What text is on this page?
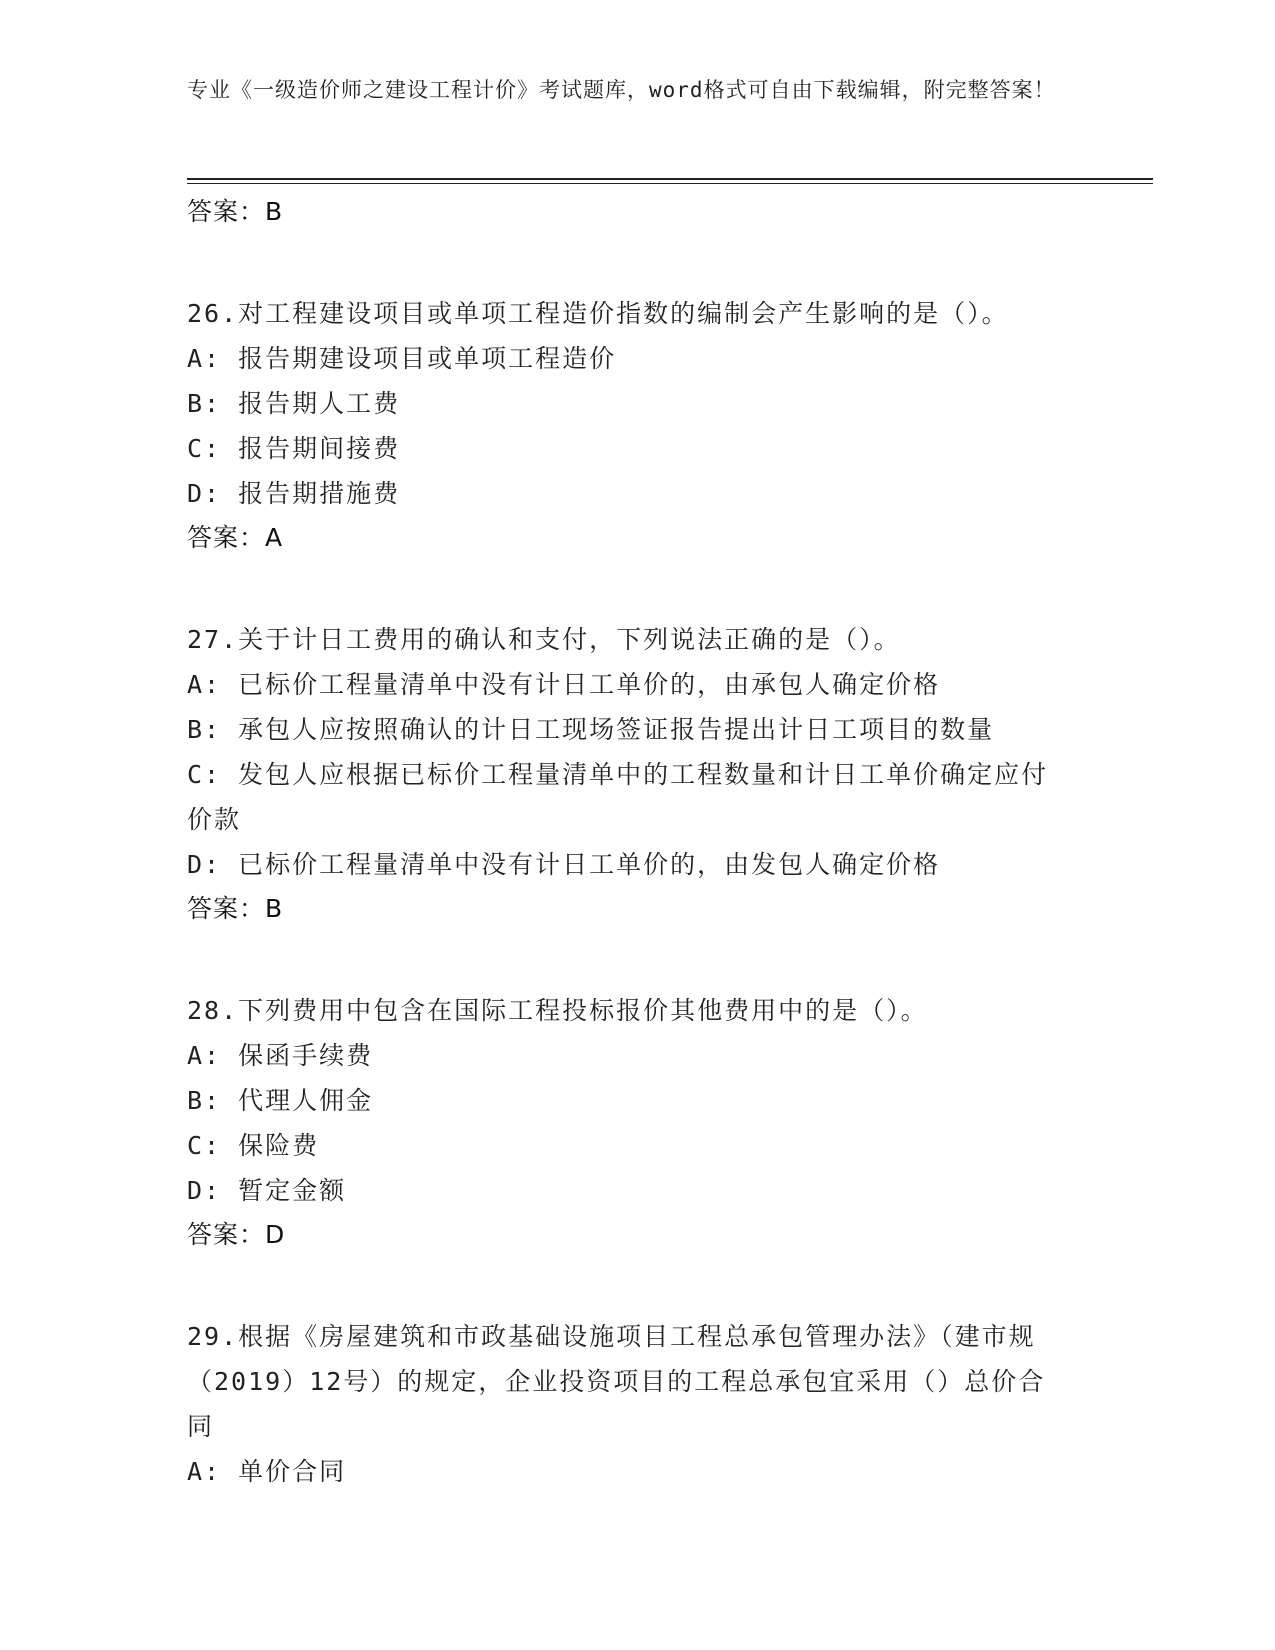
专业《一级造价师之建设工程计价》考试题库，word格式可自由下载编辑，附完整答案！
答案：B
26.对工程建设项目或单项工程造价指数的编制会产生影响的是（）。
A: 报告期建设项目或单项工程造价
B: 报告期人工费
C: 报告期间接费
D: 报告期措施费
答案：A
27.关于计日工费用的确认和支付，下列说法正确的是（）。
A: 已标价工程量清单中没有计日工单价的，由承包人确定价格
B: 承包人应按照确认的计日工现场签证报告提出计日工项目的数量
C: 发包人应根据已标价工程量清单中的工程数量和计日工单价确定应付价款
D: 已标价工程量清单中没有计日工单价的，由发包人确定价格
答案：B
28.下列费用中包含在国际工程投标报价其他费用中的是（）。
A: 保函手续费
B: 代理人佣金
C: 保险费
D: 暂定金额
答案：D
29.根据《房屋建筑和市政基础设施项目工程总承包管理办法》（建市规（2019）12号）的规定，企业投资项目的工程总承包宜采用（）总价合同
A: 单价合同
